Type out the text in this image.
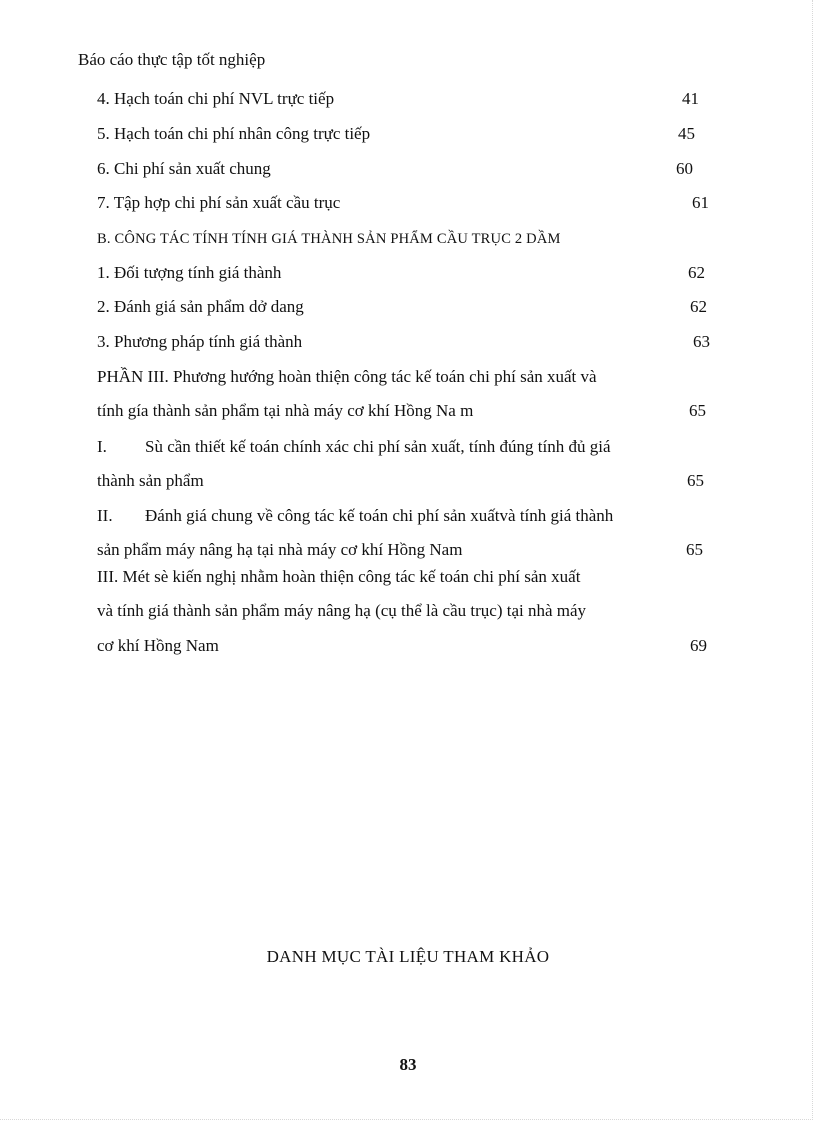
Báo cáo thực tập tốt nghiệp
4. Hạch toán chi phí NVL trực tiếp	41
5. Hạch toán chi phí nhân công trực tiếp	45
6. Chi phí sản xuất chung	60
7. Tập hợp chi phí sản xuất cầu trục	61
B. CÔNG TÁC TÍNH TÍNH GIÁ THÀNH SẢN PHẨM CẦU TRỤC 2 DẦM
1. Đối tượng tính giá thành	62
2. Đánh giá sản phẩm dở dang	62
3. Phương pháp tính giá thành	63
PHẦN III. Phương hướng hoàn thiện công tác kế toán chi phí sản xuất và
tính gía thành sản phẩm tại nhà máy cơ khí Hồng Na m	65
I. Sù cần thiết kế toán chính xác chi phí sản xuất, tính đúng tính đủ giá
thành sản phẩm	65
II. Đánh giá chung về công tác kế toán chi phí sản xuấtvà tính giá thành
sản phẩm máy nâng hạ tại nhà máy cơ khí Hồng Nam	65
III. Mét sè kiến nghị nhằm hoàn thiện công tác kế toán chi phí sản xuất
và tính giá thành sản phẩm máy nâng hạ (cụ thể là cầu trục) tại nhà máy
cơ khí Hồng Nam	69
DANH MỤC TÀI LIỆU THAM KHẢO
83
